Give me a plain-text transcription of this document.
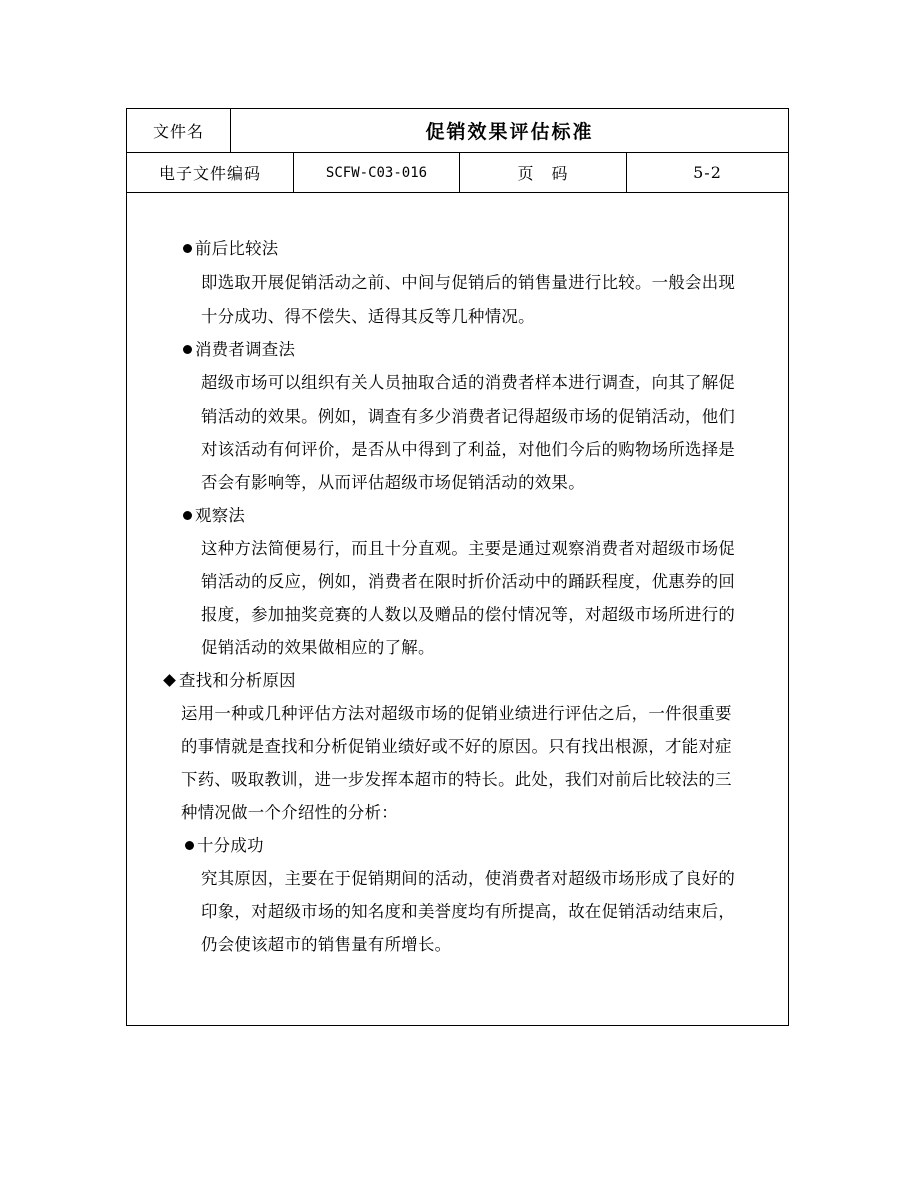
文件名	促销效果评估标准
电子文件编码	SCFW-C03-016	页　码	5-2
前后比较法
即选取开展促销活动之前、中间与促销后的销售量进行比较。一般会出现
十分成功、得不偿失、适得其反等几种情况。
消费者调查法
超级市场可以组织有关人员抽取合适的消费者样本进行调查，向其了解促
销活动的效果。例如，调查有多少消费者记得超级市场的促销活动，他们
对该活动有何评价，是否从中得到了利益，对他们今后的购物场所选择是
否会有影响等，从而评估超级市场促销活动的效果。
观察法
这种方法简便易行，而且十分直观。主要是通过观察消费者对超级市场促
销活动的反应，例如，消费者在限时折价活动中的踊跃程度，优惠券的回
报度，参加抽奖竞赛的人数以及赠品的偿付情况等，对超级市场所进行的
促销活动的效果做相应的了解。
查找和分析原因
运用一种或几种评估方法对超级市场的促销业绩进行评估之后，一件很重要
的事情就是查找和分析促销业绩好或不好的原因。只有找出根源，才能对症
下药、吸取教训，进一步发挥本超市的特长。此处，我们对前后比较法的三
种情况做一个介绍性的分析：
十分成功
究其原因，主要在于促销期间的活动，使消费者对超级市场形成了良好的
印象，对超级市场的知名度和美誉度均有所提高，故在促销活动结束后，
仍会使该超市的销售量有所增长。
